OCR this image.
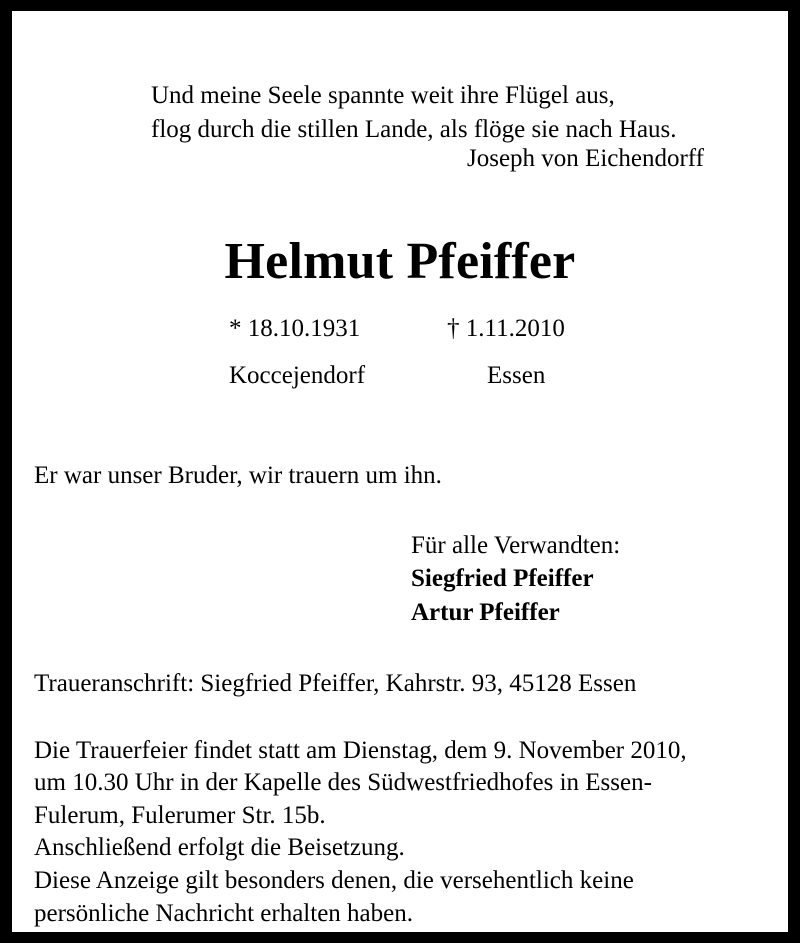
Und meine Seele spannte weit ihre Flügel aus,
flog durch die stillen Lande, als flöge sie nach Haus.
Joseph von Eichendorff
Helmut Pfeiffer
* 18.10.1931	† 1.11.2010
Koccejendorf	Essen
Er war unser Bruder, wir trauern um ihn.
Für alle Verwandten:
Siegfried Pfeiffer
Artur Pfeiffer
Traueranschrift: Siegfried Pfeiffer, Kahrstr. 93, 45128 Essen
Die Trauerfeier findet statt am Dienstag, dem 9. November 2010,
um 10.30 Uhr in der Kapelle des Südwestfriedhofes in Essen-
Fulerum, Fulerumer Str. 15b.
Anschließend erfolgt die Beisetzung.
Diese Anzeige gilt besonders denen, die versehentlich keine
persönliche Nachricht erhalten haben.
